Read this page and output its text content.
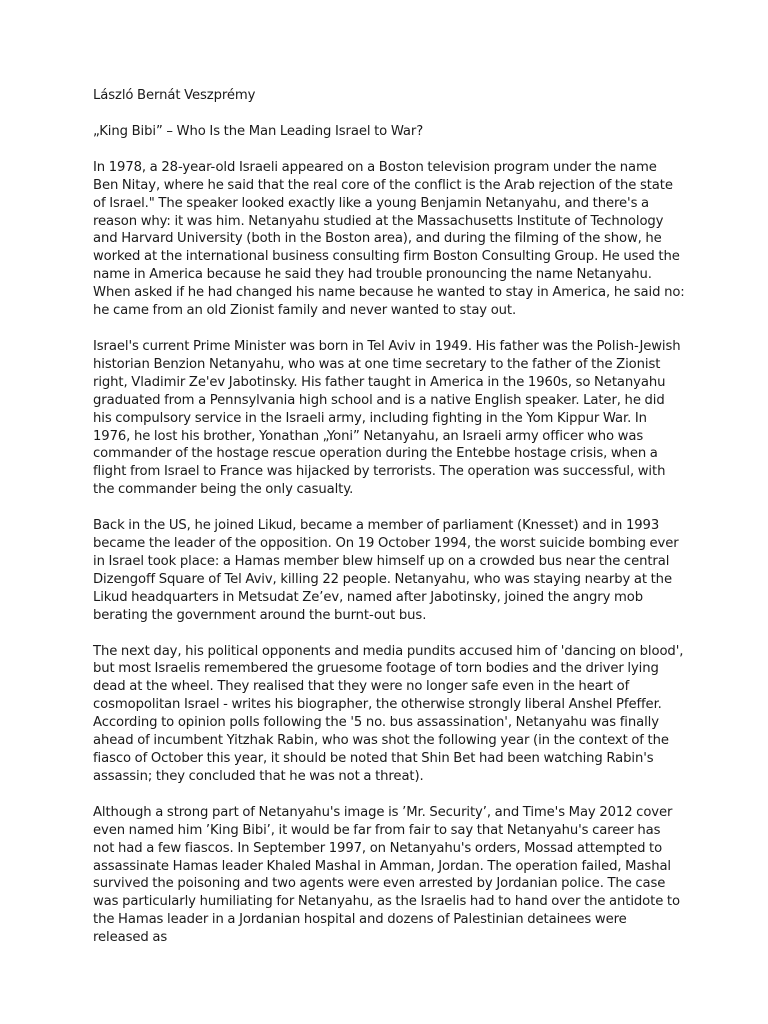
László Bernát Veszprémy

„King Bibi” – Who Is the Man Leading Israel to War?

In 1978, a 28-year-old Israeli appeared on a Boston television program under the name Ben Nitay, where he said that the real core of the conflict is the Arab rejection of the state of Israel." The speaker looked exactly like a young Benjamin Netanyahu, and there's a reason why: it was him. Netanyahu studied at the Massachusetts Institute of Technology and Harvard University (both in the Boston area), and during the filming of the show, he worked at the international business consulting firm Boston Consulting Group. He used the name in America because he said they had trouble pronouncing the name Netanyahu. When asked if he had changed his name because he wanted to stay in America, he said no: he came from an old Zionist family and never wanted to stay out.

Israel's current Prime Minister was born in Tel Aviv in 1949. His father was the Polish-Jewish historian Benzion Netanyahu, who was at one time secretary to the father of the Zionist right, Vladimir Ze'ev Jabotinsky. His father taught in America in the 1960s, so Netanyahu graduated from a Pennsylvania high school and is a native English speaker. Later, he did his compulsory service in the Israeli army, including fighting in the Yom Kippur War. In 1976, he lost his brother, Yonathan „Yoni” Netanyahu, an Israeli army officer who was commander of the hostage rescue operation during the Entebbe hostage crisis, when a flight from Israel to France was hijacked by terrorists. The operation was successful, with the commander being the only casualty.

Back in the US, he joined Likud, became a member of parliament (Knesset) and in 1993 became the leader of the opposition. On 19 October 1994, the worst suicide bombing ever in Israel took place: a Hamas member blew himself up on a crowded bus near the central Dizengoff Square of Tel Aviv, killing 22 people. Netanyahu, who was staying nearby at the Likud headquarters in Metsudat Ze’ev, named after Jabotinsky, joined the angry mob berating the government around the burnt-out bus.

The next day, his political opponents and media pundits accused him of 'dancing on blood', but most Israelis remembered the gruesome footage of torn bodies and the driver lying dead at the wheel. They realised that they were no longer safe even in the heart of cosmopolitan Israel - writes his biographer, the otherwise strongly liberal Anshel Pfeffer. According to opinion polls following the '5 no. bus assassination', Netanyahu was finally ahead of incumbent Yitzhak Rabin, who was shot the following year (in the context of the fiasco of October this year, it should be noted that Shin Bet had been watching Rabin's assassin; they concluded that he was not a threat).

Although a strong part of Netanyahu's image is ’Mr. Security’, and Time's May 2012 cover even named him ’King Bibi’, it would be far from fair to say that Netanyahu's career has not had a few fiascos. In September 1997, on Netanyahu's orders, Mossad attempted to assassinate Hamas leader Khaled Mashal in Amman, Jordan. The operation failed, Mashal survived the poisoning and two agents were even arrested by Jordanian police. The case was particularly humiliating for Netanyahu, as the Israelis had to hand over the antidote to the Hamas leader in a Jordanian hospital and dozens of Palestinian detainees were released as
